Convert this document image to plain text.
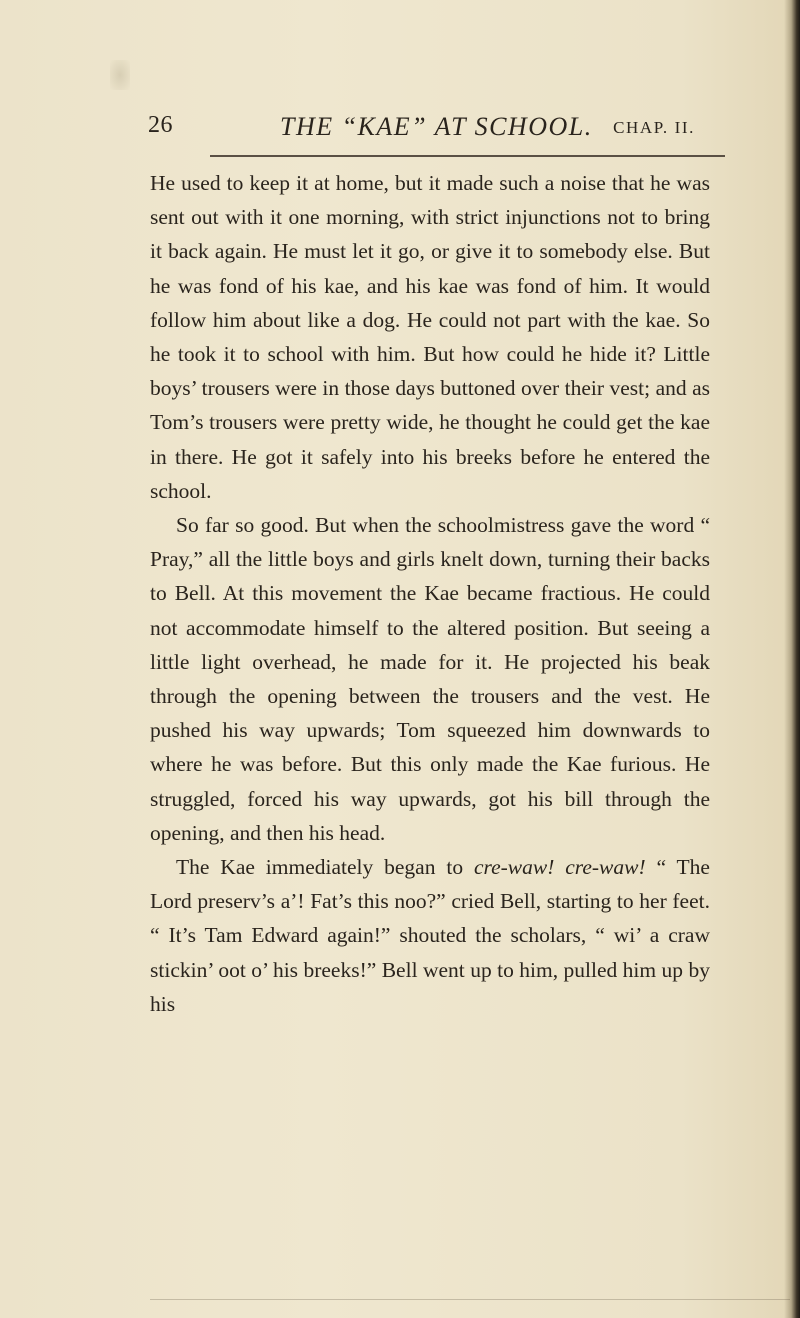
26	THE “KAE” AT SCHOOL. CHAP. II.

He used to keep it at home, but it made such a noise that he was sent out with it one morning, with strict injunctions not to bring it back again. He must let it go, or give it to somebody else. But he was fond of his kae, and his kae was fond of him. It would follow him about like a dog. He could not part with the kae. So he took it to school with him. But how could he hide it? Little boys’ trousers were in those days buttoned over their vest; and as Tom’s trousers were pretty wide, he thought he could get the kae in there. He got it safely into his breeks before he entered the school.

So far so good. But when the schoolmistress gave the word “ Pray,” all the little boys and girls knelt down, turning their backs to Bell. At this movement the Kae became fractious. He could not accommodate himself to the altered position. But seeing a little light overhead, he made for it. He projected his beak through the opening between the trousers and the vest. He pushed his way upwards; Tom squeezed him downwards to where he was before. But this only made the Kae furious. He struggled, forced his way upwards, got his bill through the opening, and then his head.

The Kae immediately began to cre-waw! cre-waw! “ The Lord preserv’s a’! Fat’s this noo?” cried Bell, starting to her feet. “ It’s Tam Edward again!” shouted the scholars, “ wi’ a craw stickin’ oot o’ his breeks!” Bell went up to him, pulled him up by his
